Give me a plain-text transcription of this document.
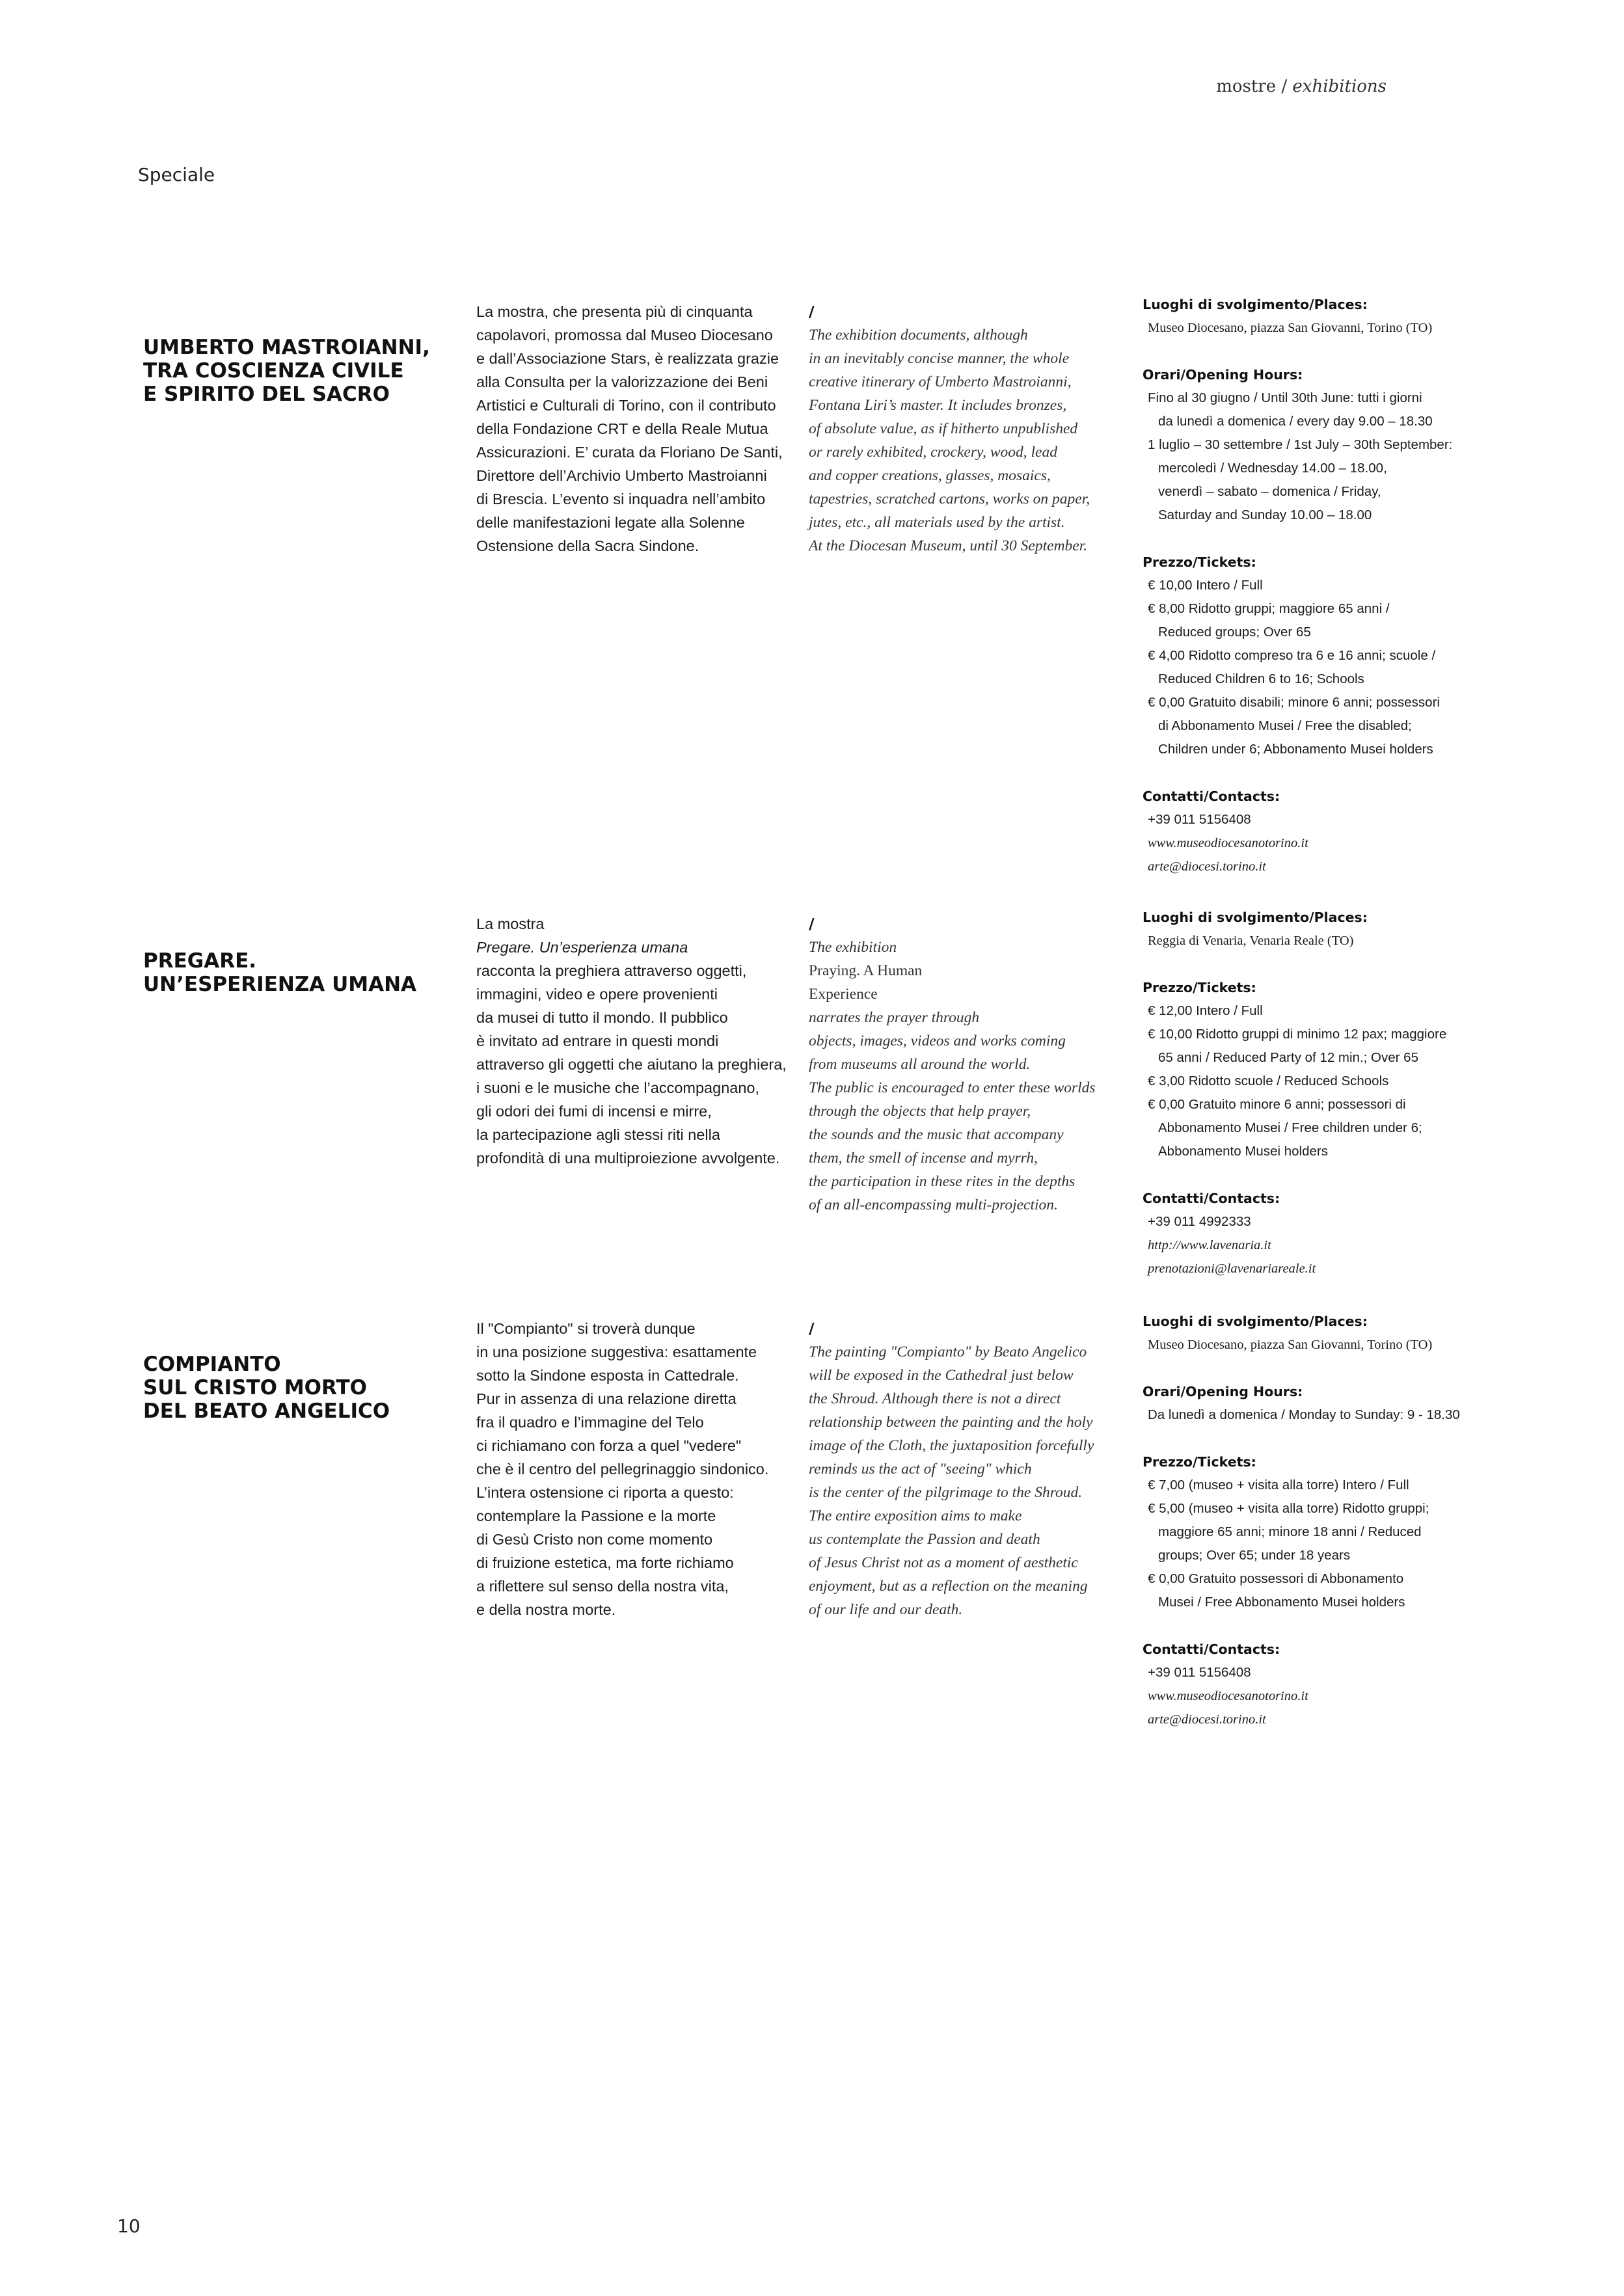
mostre / exhibitions
Speciale
UMBERTO MASTROIANNI,
TRA COSCIENZA CIVILE
E SPIRITO DEL SACRO
La mostra, che presenta più di cinquanta
capolavori, promossa dal Museo Diocesano
e dall’Associazione Stars, è realizzata grazie
alla Consulta per la valorizzazione dei Beni
Artistici e Culturali di Torino, con il contributo
della Fondazione CRT e della Reale Mutua
Assicurazioni. E’ curata da Floriano De Santi,
Direttore dell’Archivio Umberto Mastroianni
di Brescia. L’evento si inquadra nell’ambito
delle manifestazioni legate alla Solenne
Ostensione della Sacra Sindone.
/
The exhibition documents, although
in an inevitably concise manner, the whole
creative itinerary of Umberto Mastroianni,
Fontana Liri’s master. It includes bronzes,
of absolute value, as if hitherto unpublished
or rarely exhibited, crockery, wood, lead
and copper creations, glasses, mosaics,
tapestries, scratched cartons, works on paper,
jutes, etc., all materials used by the artist.
At the Diocesan Museum, until 30 September.
Luoghi di svolgimento/Places:
Museo Diocesano, piazza San Giovanni, Torino (TO)
Orari/Opening Hours:
Fino al 30 giugno / Until 30th June: tutti i giorni
da lunedì a domenica / every day 9.00 – 18.30
1 luglio – 30 settembre / 1st July – 30th September:
mercoledì / Wednesday 14.00 – 18.00,
venerdì – sabato – domenica / Friday,
Saturday and Sunday 10.00 – 18.00
Prezzo/Tickets:
€ 10,00 Intero / Full
€ 8,00 Ridotto gruppi; maggiore 65 anni /
Reduced groups; Over 65
€ 4,00 Ridotto compreso tra 6 e 16 anni; scuole /
Reduced Children 6 to 16; Schools
€ 0,00 Gratuito disabili; minore 6 anni; possessori
di Abbonamento Musei / Free the disabled;
Children under 6; Abbonamento Musei holders
Contatti/Contacts:
+39 011 5156408
www.museodiocesanotorino.it
arte@diocesi.torino.it
PREGARE.
UN’ESPERIENZA UMANA
La mostra
Pregare. Un’esperienza umana
racconta la preghiera attraverso oggetti,
immagini, video e opere provenienti
da musei di tutto il mondo. Il pubblico
è invitato ad entrare in questi mondi
attraverso gli oggetti che aiutano la preghiera,
i suoni e le musiche che l’accompagnano,
gli odori dei fumi di incensi e mirre,
la partecipazione agli stessi riti nella
profondità di una multiproiezione avvolgente.
/
The exhibition
Praying. A Human
Experience
narrates the prayer through
objects, images, videos and works coming
from museums all around the world.
The public is encouraged to enter these worlds
through the objects that help prayer,
the sounds and the music that accompany
them, the smell of incense and myrrh,
the participation in these rites in the depths
of an all-encompassing multi-projection.
Luoghi di svolgimento/Places:
Reggia di Venaria, Venaria Reale (TO)
Prezzo/Tickets:
€ 12,00 Intero / Full
€ 10,00 Ridotto gruppi di minimo 12 pax; maggiore
65 anni / Reduced Party of 12 min.; Over 65
€ 3,00 Ridotto scuole / Reduced Schools
€ 0,00 Gratuito minore 6 anni; possessori di
Abbonamento Musei / Free children under 6;
Abbonamento Musei holders
Contatti/Contacts:
+39 011 4992333
http://www.lavenaria.it
prenotazioni@lavenariareale.it
COMPIANTO
SUL CRISTO MORTO
DEL BEATO ANGELICO
Il "Compianto" si troverà dunque
in una posizione suggestiva: esattamente
sotto la Sindone esposta in Cattedrale.
Pur in assenza di una relazione diretta
fra il quadro e l’immagine del Telo
ci richiamano con forza a quel "vedere"
che è il centro del pellegrinaggio sindonico.
L’intera ostensione ci riporta a questo:
contemplare la Passione e la morte
di Gesù Cristo non come momento
di fruizione estetica, ma forte richiamo
a riflettere sul senso della nostra vita,
e della nostra morte.
/
The painting "Compianto" by Beato Angelico
will be exposed in the Cathedral just below
the Shroud. Although there is not a direct
relationship between the painting and the holy
image of the Cloth, the juxtaposition forcefully
reminds us the act of "seeing" which
is the center of the pilgrimage to the Shroud.
The entire exposition aims to make
us contemplate the Passion and death
of Jesus Christ not as a moment of aesthetic
enjoyment, but as a reflection on the meaning
of our life and our death.
Luoghi di svolgimento/Places:
Museo Diocesano, piazza San Giovanni, Torino (TO)
Orari/Opening Hours:
Da lunedì a domenica / Monday to Sunday: 9 - 18.30
Prezzo/Tickets:
€ 7,00 (museo + visita alla torre) Intero / Full
€ 5,00 (museo + visita alla torre) Ridotto gruppi;
maggiore 65 anni; minore 18 anni / Reduced
groups; Over 65; under 18 years
€ 0,00 Gratuito possessori di Abbonamento
Musei / Free Abbonamento Musei holders
Contatti/Contacts:
+39 011 5156408
www.museodiocesanotorino.it
arte@diocesi.torino.it
10
